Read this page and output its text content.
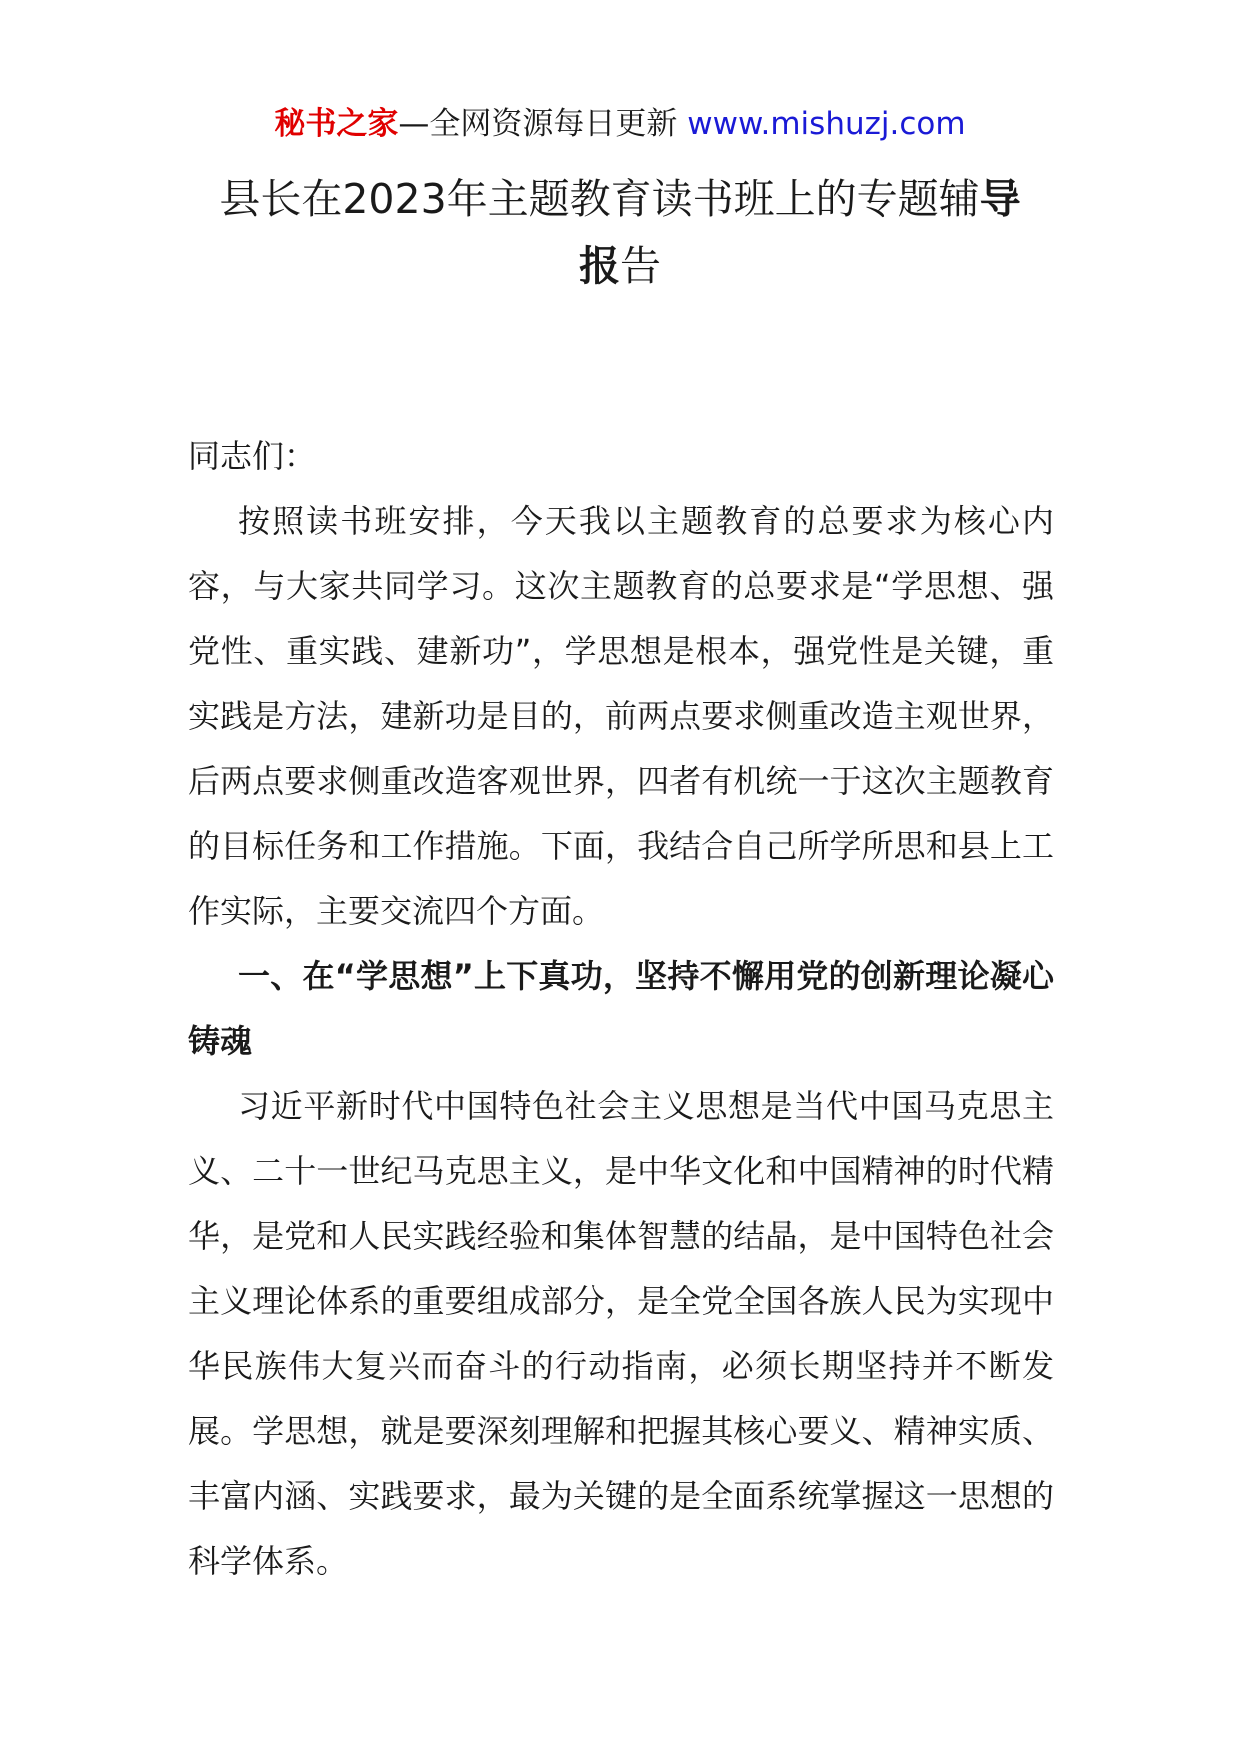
秘书之家—全网资源每日更新 www.mishuzj.com
县长在2023年主题教育读书班上的专题辅导
报告

同志们：

按照读书班安排，今天我以主题教育的总要求为核心内容，与大家共同学习。这次主题教育的总要求是“学思想、强党性、重实践、建新功”，学思想是根本，强党性是关键，重实践是方法，建新功是目的，前两点要求侧重改造主观世界，后两点要求侧重改造客观世界，四者有机统一于这次主题教育的目标任务和工作措施。下面，我结合自己所学所思和县上工作实际，主要交流四个方面。

一、在“学思想”上下真功，坚持不懈用党的创新理论凝心铸魂

习近平新时代中国特色社会主义思想是当代中国马克思主义、二十一世纪马克思主义，是中华文化和中国精神的时代精华，是党和人民实践经验和集体智慧的结晶，是中国特色社会主义理论体系的重要组成部分，是全党全国各族人民为实现中华民族伟大复兴而奋斗的行动指南，必须长期坚持并不断发展。学思想，就是要深刻理解和把握其核心要义、精神实质、丰富内涵、实践要求，最为关键的是全面系统掌握这一思想的科学体系。
